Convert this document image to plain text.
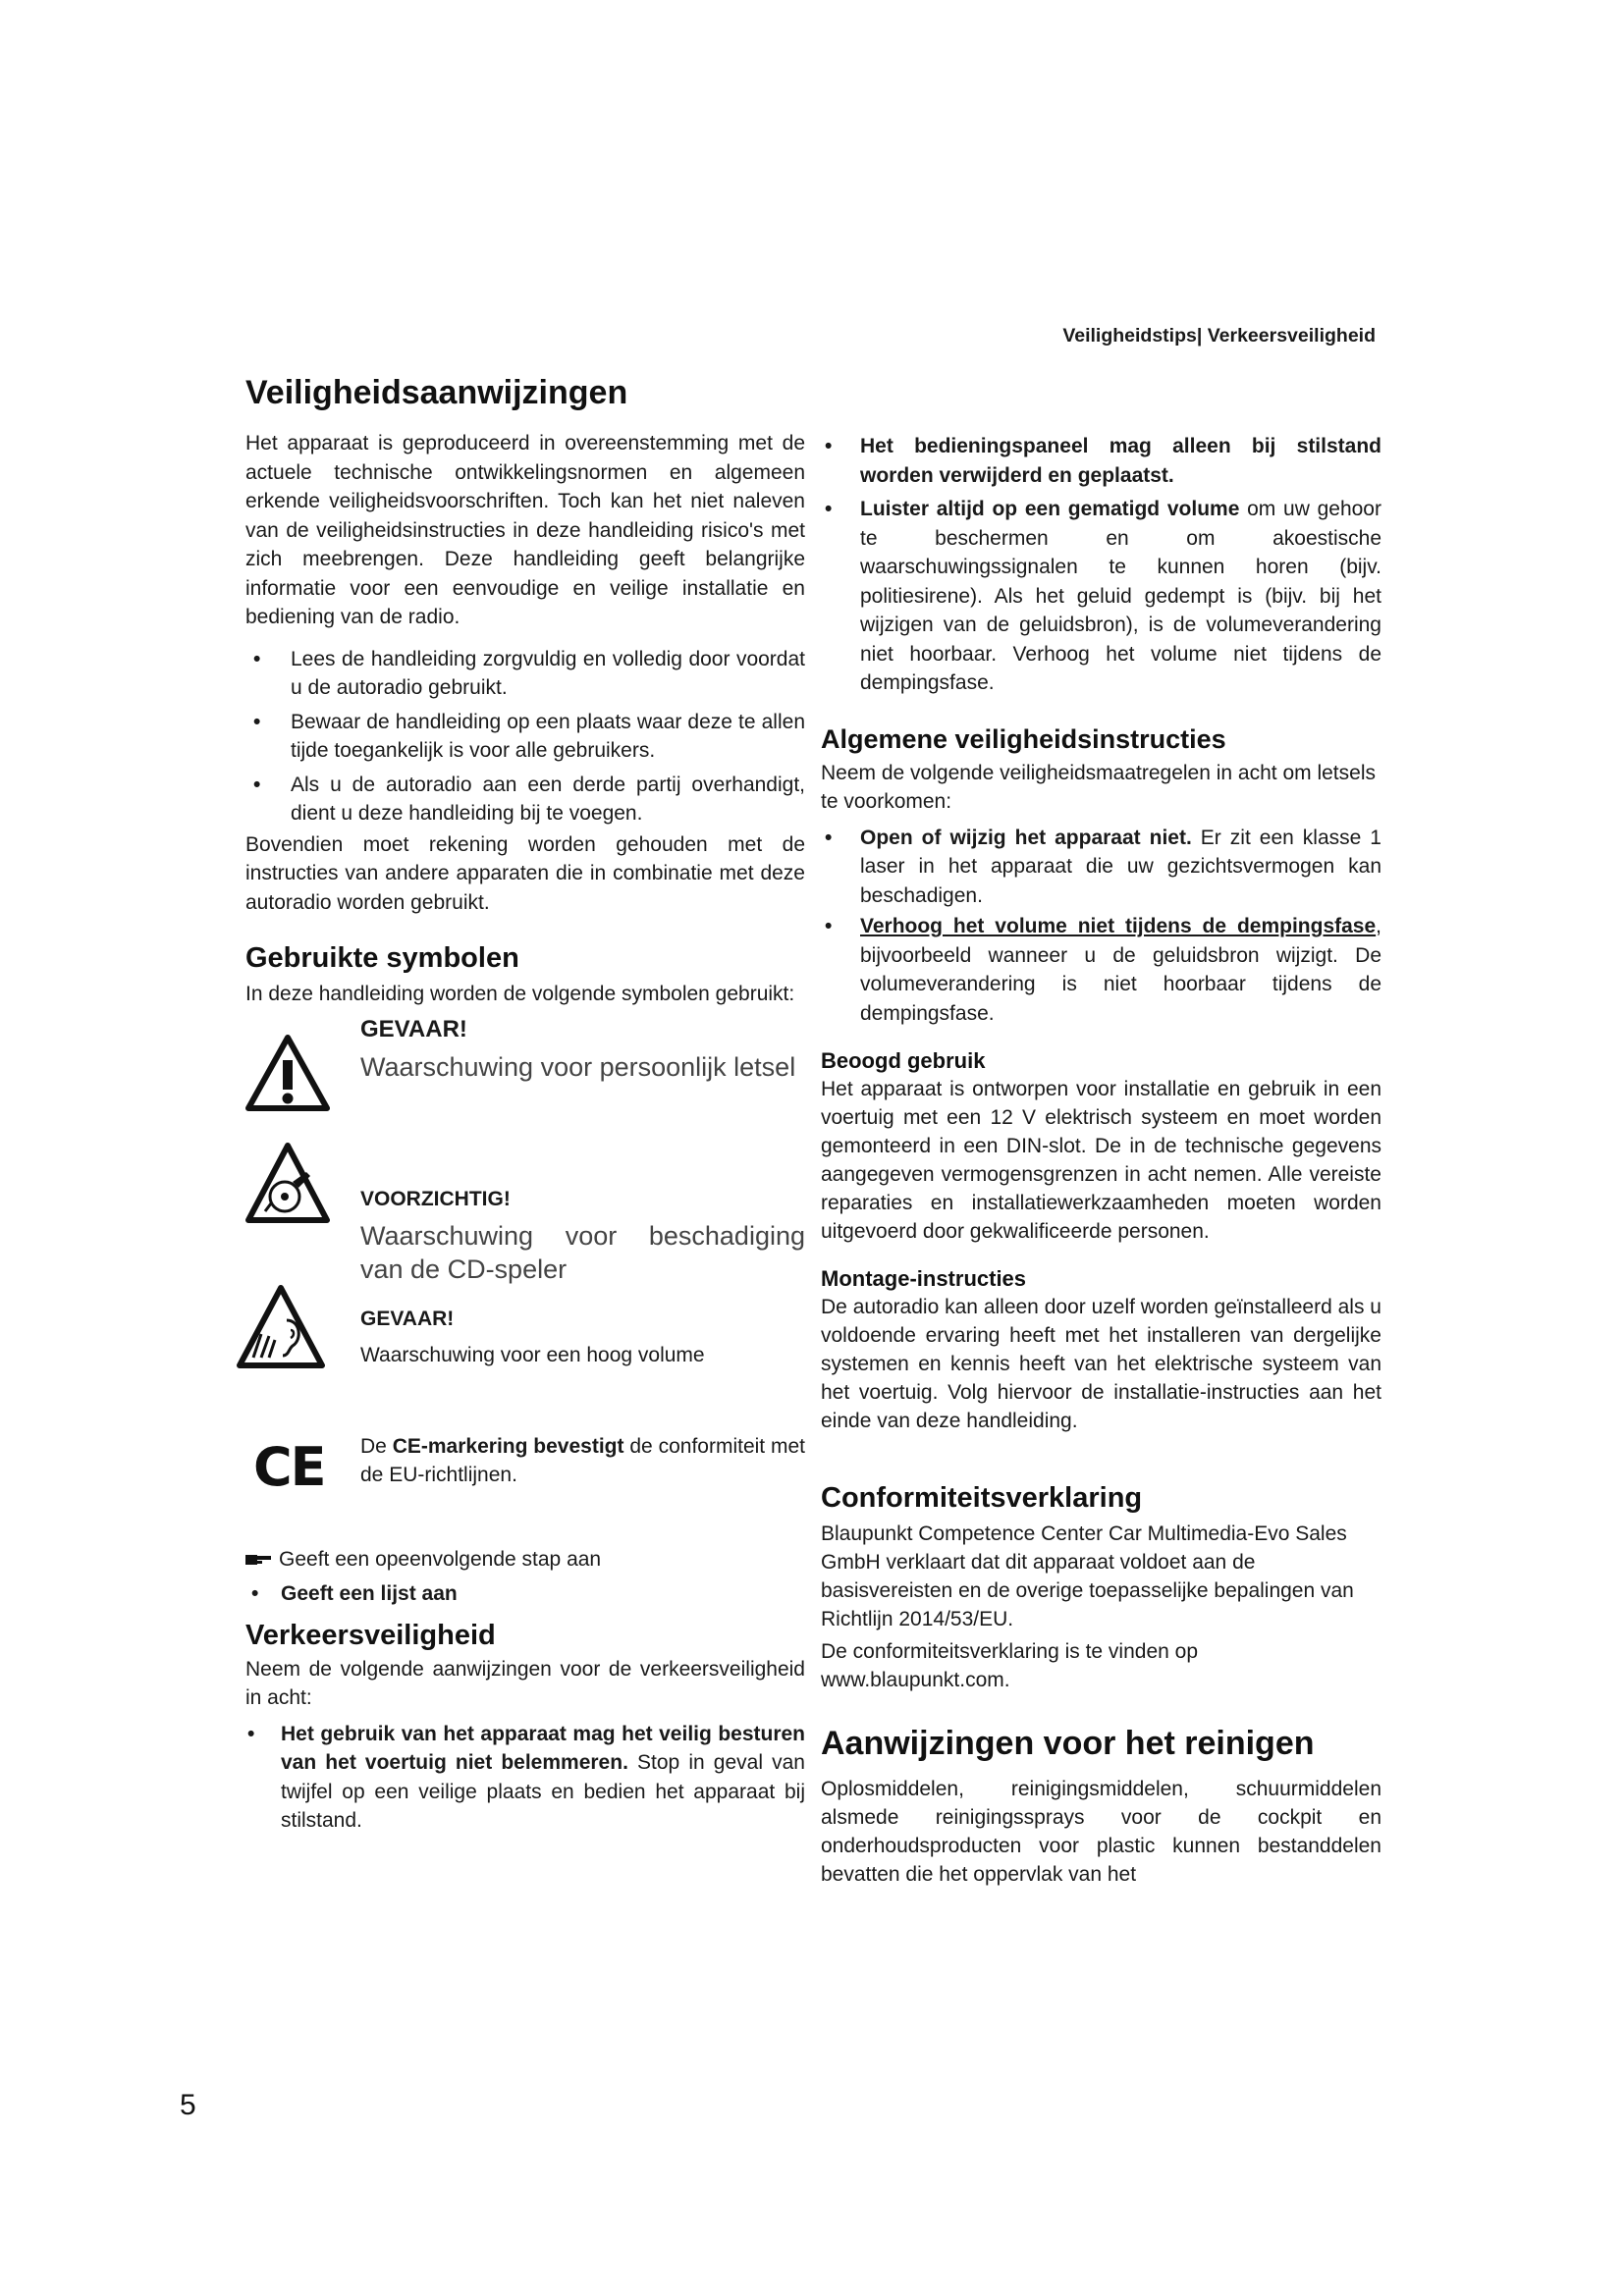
Veiligheidstips| Verkeersveiligheid
Veiligheidsaanwijzingen

Het apparaat is geproduceerd in overeenstemming met de actuele technische ontwikkelingsnormen en algemeen erkende veiligheidsvoorschriften. Toch kan het niet naleven van de veiligheidsinstructies in deze handleiding risico's met zich meebrengen. Deze handleiding geeft belangrijke informatie voor een eenvoudige en veilige installatie en bediening van de radio.

• Lees de handleiding zorgvuldig en volledig door voordat u de autoradio gebruikt.
• Bewaar de handleiding op een plaats waar deze te allen tijde toegankelijk is voor alle gebruikers.
• Als u de autoradio aan een derde partij overhandigt, dient u deze handleiding bij te voegen.

Bovendien moet rekening worden gehouden met de instructies van andere apparaten die in combinatie met deze autoradio worden gebruikt.

Gebruikte symbolen

In deze handleiding worden de volgende symbolen gebruikt:

GEVAAR!
Waarschuwing voor persoonlijk letsel
VOORZICHTIG!
Waarschuwing voor beschadiging van de CD-speler
GEVAAR!
Waarschuwing voor een hoog volume
CE De CE-markering bevestigt de conformiteit met de EU-richtlijnen.

Geeft een opeenvolgende stap aan
• Geeft een lijst aan
Verkeersveiligheid

Neem de volgende aanwijzingen voor de verkeersveiligheid in acht:

• Het gebruik van het apparaat mag het veilig besturen van het voertuig niet belemmeren. Stop in geval van twijfel op een veilige plaats en bedien het apparaat bij stilstand.
• Het bedieningspaneel mag alleen bij stilstand worden verwijderd en geplaatst.
• Luister altijd op een gematigd volume om uw gehoor te beschermen en om akoestische waarschuwingssignalen te kunnen horen (bijv. politiesirene). Als het geluid gedempt is (bijv. bij het wijzigen van de geluidsbron), is de volumeverandering niet hoorbaar. Verhoog het volume niet tijdens de dempingsfase.
Algemene veiligheidsinstructies

Neem de volgende veiligheidsmaatregelen in acht om letsels te voorkomen:

• Open of wijzig het apparaat niet. Er zit een klasse 1 laser in het apparaat die uw gezichtsvermogen kan beschadigen.
• Verhoog het volume niet tijdens de dempingsfase, bijvoorbeeld wanneer u de geluidsbron wijzigt. De volumeverandering is niet hoorbaar tijdens de dempingsfase.
Beoogd gebruik

Het apparaat is ontworpen voor installatie en gebruik in een voertuig met een 12 V elektrisch systeem en moet worden gemonteerd in een DIN-slot. De in de technische gegevens aangegeven vermogensgrenzen in acht nemen. Alle vereiste reparaties en installatiewerkzaamheden moeten worden uitgevoerd door gekwalificeerde personen.

Montage-instructies

De autoradio kan alleen door uzelf worden geïnstalleerd als u voldoende ervaring heeft met het installeren van dergelijke systemen en kennis heeft van het elektrische systeem van het voertuig. Volg hiervoor de installatie-instructies aan het einde van deze handleiding.

Conformiteitsverklaring

Blaupunkt Competence Center Car Multimedia-Evo Sales GmbH verklaart dat dit apparaat voldoet aan de basisvereisten en de overige toepasselijke bepalingen van Richtlijn 2014/53/EU.

De conformiteitsverklaring is te vinden op www.blaupunkt.com.

Aanwijzingen voor het reinigen

Oplosmiddelen, reinigingsmiddelen, schuurmiddelen alsmede reinigingssprays voor de cockpit en onderhoudsproducten voor plastic kunnen bestanddelen bevatten die het oppervlak van het

5
